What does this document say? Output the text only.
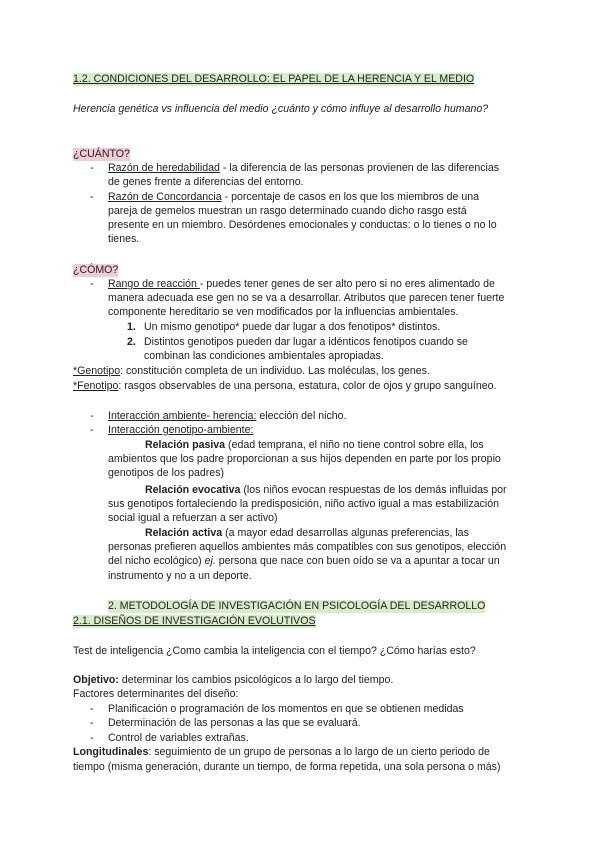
1.2. CONDICIONES DEL DESARROLLO: EL PAPEL DE LA HERENCIA Y EL MEDIO
Herencia genética vs influencia del medio ¿cuánto y cómo influye al desarrollo humano?
¿CUÁNTO?
- Razón de heredabilidad - la diferencia de las personas provienen de las diferencias
de genes frente a diferencias del entorno.
- Razón de Concordancia - porcentaje de casos en los que los miembros de una
pareja de gemelos muestran un rasgo determinado cuando dicho rasgo está
presente en un miembro. Desórdenes emocionales y conductas: o lo tienes o no lo
tienes.
¿CÓMO?
- Rango de reacción - puedes tener genes de ser alto pero si no eres alimentado de
manera adecuada ese gen no se va a desarrollar. Atributos que parecen tener fuerte
componente hereditario se ven modificados por la influencias ambientales.
1. Un mismo genotipo* puede dar lugar a dos fenotipos* distintos.
2. Distintos genotipos pueden dar lugar a idénticos fenotipos cuando se
combinan las condiciones ambientales apropiadas.
*Genotipo: constitución completa de un individuo. Las moléculas, los genes.
*Fenotipo: rasgos observables de una persona, estatura, color de ojos y grupo sanguíneo.
- Interacción ambiente- herencia: elección del nicho.
- Interacción genotipo-ambiente:
Relación pasiva (edad temprana, el niño no tiene control sobre ella, los
ambientos que los padre proporcionan a sus hijos dependen en parte por los propio
genotipos de los padres)
Relación evocativa (los niños evocan respuestas de los demás influidas por
sus genotipos fortaleciendo la predisposición, niño activo igual a mas estabilización
social igual a refuerzan a ser activo)
Relación activa (a mayor edad desarrollas algunas preferencias, las
personas prefieren aquellos ambientes más compatibles con sus genotipos, elección
del nicho ecológico) ej. persona que nace con buen oído se va a apuntar a tocar un
instrumento y no a un deporte.
2. METODOLOGÍA DE INVESTIGACIÓN EN PSICOLOGÍA DEL DESARROLLO
2.1. DISEÑOS DE INVESTIGACIÓN EVOLUTIVOS
Test de inteligencia ¿Como cambia la inteligencia con el tiempo? ¿Cómo harías esto?
Objetivo: determinar los cambios psicológicos a lo largo del tiempo.
Factores determinantes del diseño:
- Planificación o programación de los momentos en que se obtienen medidas
- Determinación de las personas a las que se evaluará.
- Control de variables extrañas.
Longitudinales: seguimiento de un grupo de personas a lo largo de un cierto periodo de
tiempo (misma generación, durante un tiempo, de forma repetida, una sola persona o más)
